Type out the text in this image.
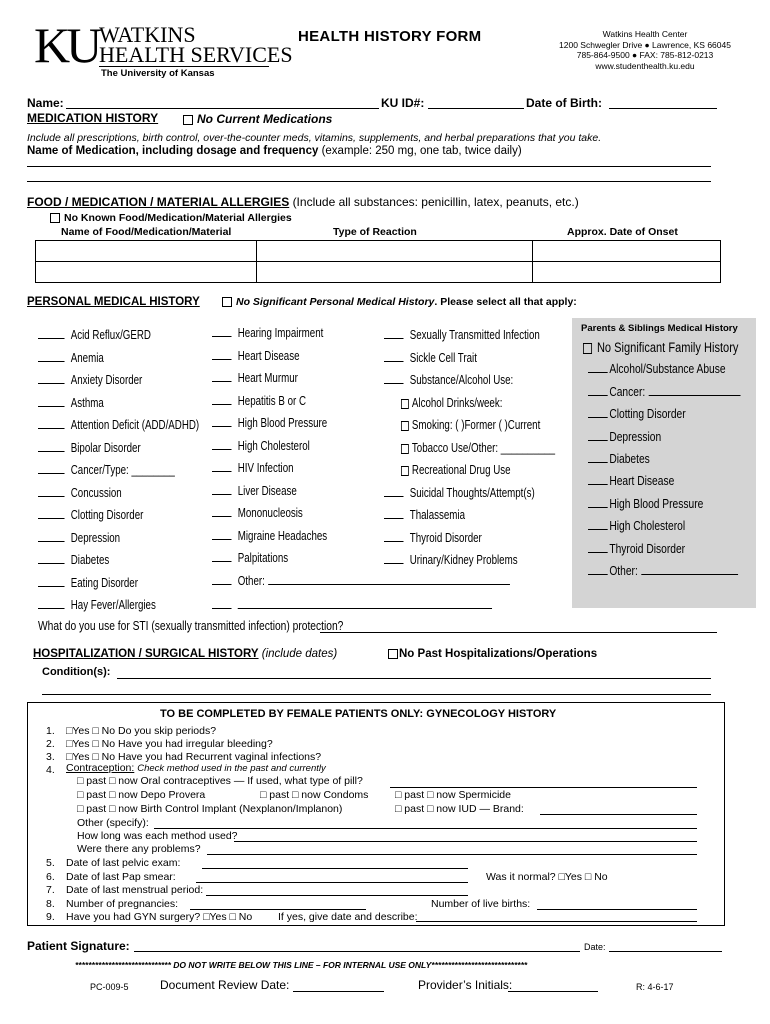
KU WATKINS
HEALTH SERVICES
The University of Kansas
HEALTH HISTORY FORM	Watkins Health Center
1200 Schwegler Drive ● Lawrence, KS 66045
785-864-9500 ● FAX: 785-812-0213
www.studenthealth.ku.edu
Name:	KU ID#:	Date of Birth:
MEDICATION HISTORY	No Current Medications
Include all prescriptions, birth control, over-the-counter meds, vitamins, supplements, and herbal preparations that you take.
Name of Medication, including dosage and frequency (example: 250 mg, one tab, twice daily)
FOOD / MEDICATION / MATERIAL ALLERGIES (Include all substances: penicillin, latex, peanuts, etc.)
No Known Food/Medication/Material Allergies
Name of Food/Medication/Material	Type of Reaction	Approx. Date of Onset

PERSONAL MEDICAL HISTORY	No Significant Personal Medical History. Please select all that apply:
Acid Reflux/GERD
Anemia
Anxiety Disorder
Asthma
Attention Deficit (ADD/ADHD)
Bipolar Disorder
Cancer/Type: ________
Concussion
Clotting Disorder
Depression
Diabetes
Eating Disorder
Hay Fever/Allergies
Hearing Impairment
Heart Disease
Heart Murmur
Hepatitis B or C
High Blood Pressure
High Cholesterol
HIV Infection
Liver Disease
Mononucleosis
Migraine Headaches
Palpitations
Other:
Sexually Transmitted Infection
Sickle Cell Trait
Substance/Alcohol Use:
Alcohol Drinks/week:
Smoking: ( )Former ( )Current
Tobacco Use/Other: __________
Recreational Drug Use
Suicidal Thoughts/Attempt(s)
Thalassemia
Thyroid Disorder
Urinary/Kidney Problems
Parents & Siblings Medical History
No Significant Family History
Alcohol/Substance Abuse
Cancer:
Clotting Disorder
Depression
Diabetes
Heart Disease
High Blood Pressure
High Cholesterol
Thyroid Disorder
Other:
What do you use for STI (sexually transmitted infection) protection?
HOSPITALIZATION / SURGICAL HISTORY (include dates)	No Past Hospitalizations/Operations
Condition(s):
TO BE COMPLETED BY FEMALE PATIENTS ONLY: GYNECOLOGY HISTORY
1. □Yes □ No Do you skip periods?
2. □Yes □ No Have you had irregular bleeding?
3. □Yes □ No Have you had Recurrent vaginal infections?
4. Contraception: Check method used in the past and currently
□ past □ now Oral contraceptives — If used, what type of pill?
□ past □ now Depo Provera	□ past □ now Condoms	□ past □ now Spermicide
□ past □ now Birth Control Implant (Nexplanon/Implanon)	□ past □ now IUD — Brand:
Other (specify):
How long was each method used?
Were there any problems?
5. Date of last pelvic exam:
6. Date of last Pap smear:	Was it normal? □Yes □ No
7. Date of last menstrual period:
8. Number of pregnancies:	Number of live births:
9. Have you had GYN surgery? □Yes □ No If yes, give date and describe:
Patient Signature:	Date:
***************************** DO NOT WRITE BELOW THIS LINE – FOR INTERNAL USE ONLY*****************************
PC-009-5	Document Review Date:	Provider’s Initials:	R: 4-6-17
